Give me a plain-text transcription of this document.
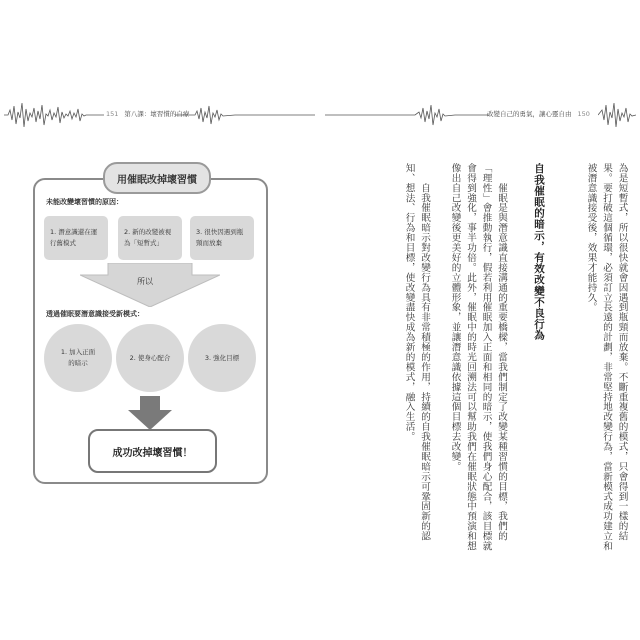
151 第八課：壞習慣的自療	改變自己的勇氣，讓心靈自由 150
用催眠改掉壞習慣
未能改變壞習慣的原因：
1. 潛意識還在運
行舊模式
2. 新的改變被視
為「短暫式」
3. 很快因遇到瓶
頸而放棄
所以
透過催眠要潛意識接受新模式：
1. 加入正面
的暗示
2. 使身心配合	3. 強化目標
成功改掉壞習慣！	為是短暫式，所以很快就會因遇到瓶頸而放棄。不斷重複舊的模式，只會得到一樣的結
果。要打破這個循環，必須訂立長遠的計劃，非常堅持地改變行為，當新模式成功建立和
被潛意識接受後，效果才能持久。
自我催眠的暗示，有效改變不良行為
　　催眠是與潛意識直接溝通的重要橋樑，當我們制定了改變某種習慣的目標，我們的
「理性」會推動執行，假若利用催眠加入正面和相同的暗示，使我們身心配合，該目標就
會得到強化，事半功倍。此外，催眠中的時光回溯法可以幫助我們在催眠狀態中預演和想
像出自己改變後更美好的立體形象，並讓潛意識依據這個目標去改變。
　　自我催眠暗示對改變行為具有非常積極的作用，持續的自我催眠暗示可鞏固新的認
知、想法、行為和目標，使改變盡快成為新的模式，融入生活。
